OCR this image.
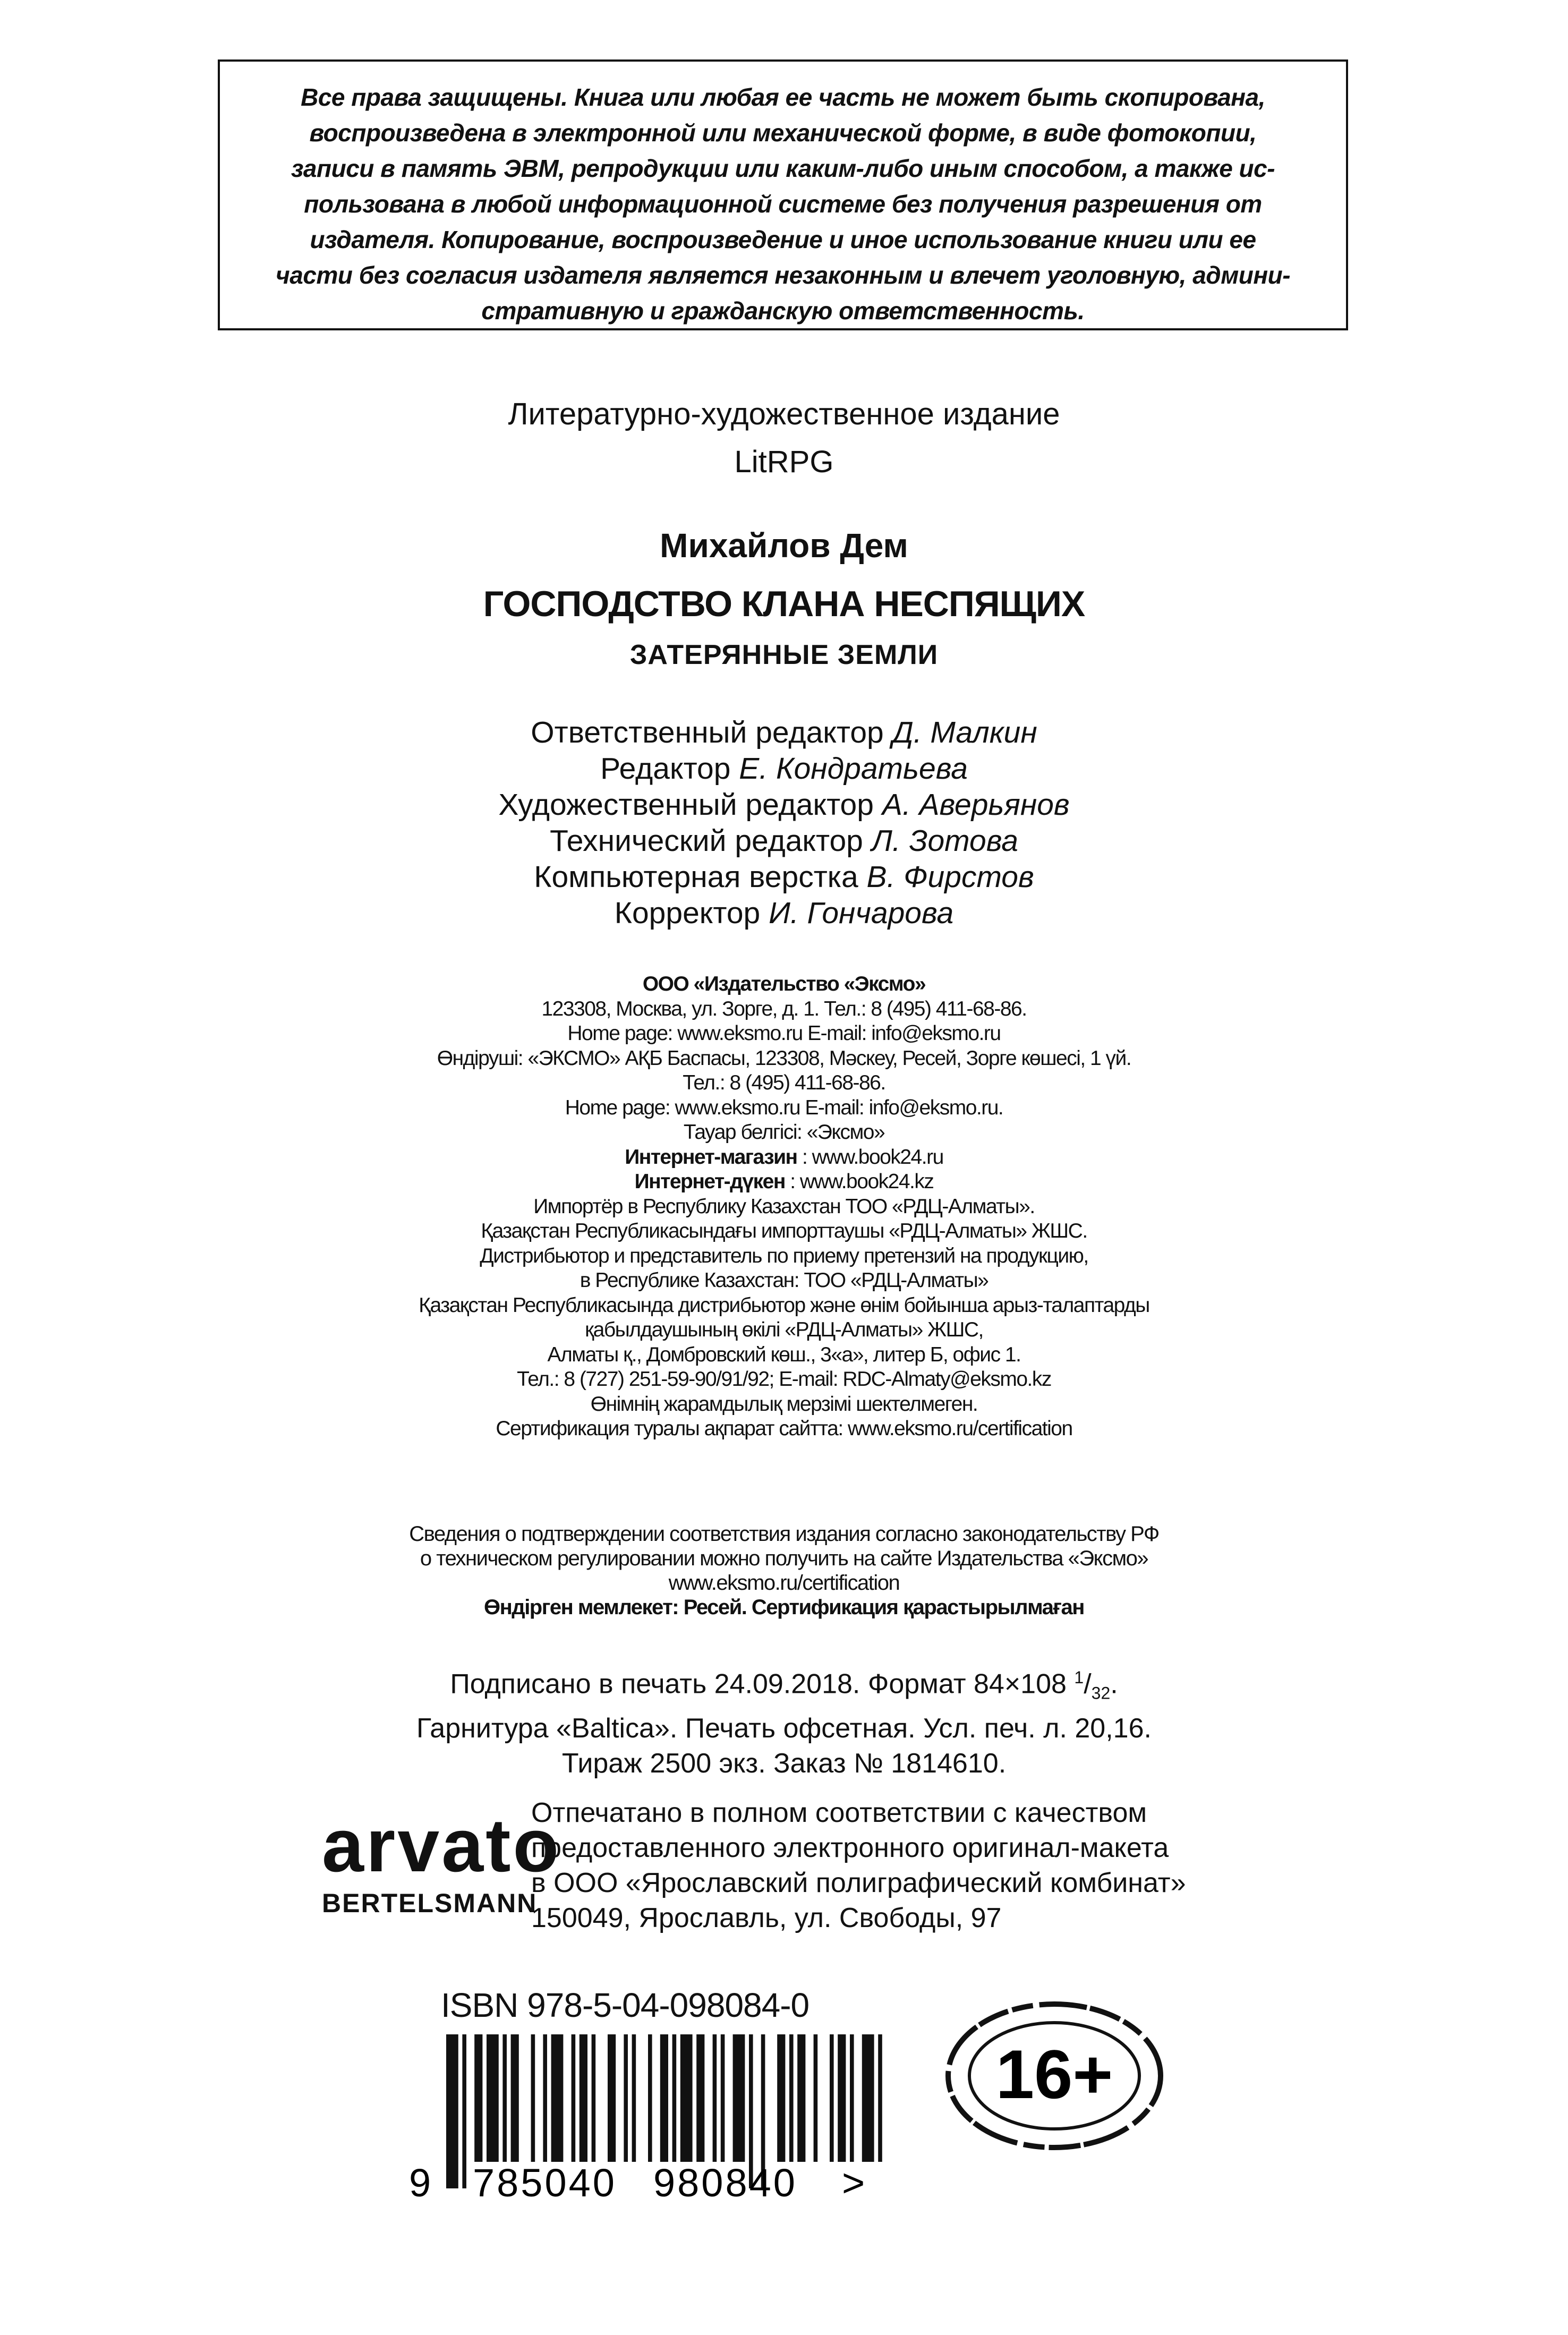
Все права защищены. Книга или любая ее часть не может быть скопирована,

воспроизведена в электронной или механической форме, в виде фотокопии,

записи в память ЭВМ, репродукции или каким-либо иным способом, а также ис-

пользована в любой информационной системе без получения разрешения от

издателя. Копирование, воспроизведение и иное использование книги или ее

части без согласия издателя является незаконным и влечет уголовную, админи-

стративную и гражданскую ответственность.

Литературно-художественное издание
LitRPG
Михайлов Дем
ГОСПОДСТВО КЛАНА НЕСПЯЩИХ
ЗАТЕРЯННЫЕ ЗЕМЛИ
Ответственный редактор Д. Малкин
Редактор Е. Кондратьева
Художественный редактор А. Аверьянов
Технический редактор Л. Зотова
Компьютерная верстка В. Фирстов
Корректор И. Гончарова
ООО «Издательство «Эксмо»
123308, Москва, ул. Зорге, д. 1. Тел.: 8 (495) 411-68-86.
Home page: www.eksmo.ru E-mail: info@eksmo.ru
Өндіруші: «ЭКСМО» АҚБ Баспасы, 123308, Мәскеу, Ресей, Зорге көшесі, 1 үй.
Тел.: 8 (495) 411-68-86.
Home page: www.eksmo.ru E-mail: info@eksmo.ru.
Тауар белгісі: «Эксмо»
Интернет-магазин : www.book24.ru
Интернет-дүкен : www.book24.kz
Импортёр в Республику Казахстан ТОО «РДЦ-Алматы».
Қазақстан Республикасындағы импорттаушы «РДЦ-Алматы» ЖШС.
Дистрибьютор и представитель по приему претензий на продукцию,
в Республике Казахстан: ТОО «РДЦ-Алматы»
Қазақстан Республикасында дистрибьютор және өнім бойынша арыз-талаптарды
қабылдаушының өкілі «РДЦ-Алматы» ЖШС,
Алматы қ., Домбровский көш., 3«а», литер Б, офис 1.
Тел.: 8 (727) 251-59-90/91/92; E-mail: RDC-Almaty@eksmo.kz
Өнімнің жарамдылық мерзімі шектелмеген.
Сертификация туралы ақпарат сайтта: www.eksmo.ru/certification
Сведения о подтверждении соответствия издания согласно законодательству РФ
о техническом регулировании можно получить на сайте Издательства «Эксмо»
www.eksmo.ru/certification
Өндірген мемлекет: Ресей. Сертификация қарастырылмаған
Подписано в печать 24.09.2018. Формат 84×108 $^1/_{32}$.
Гарнитура «Baltica». Печать офсетная. Усл. печ. л. 20,16.
Тираж 2500 экз. Заказ № 1814610.
arvato
BERTELSMANN
Отпечатано в полном соответствии с качеством
предоставленного электронного оригинал-макета
в ООО «Ярославский полиграфический комбинат»
150049, Ярославль, ул. Свободы, 97
ISBN 978-5-04-098084-0
9 785040 980840 >
16+
